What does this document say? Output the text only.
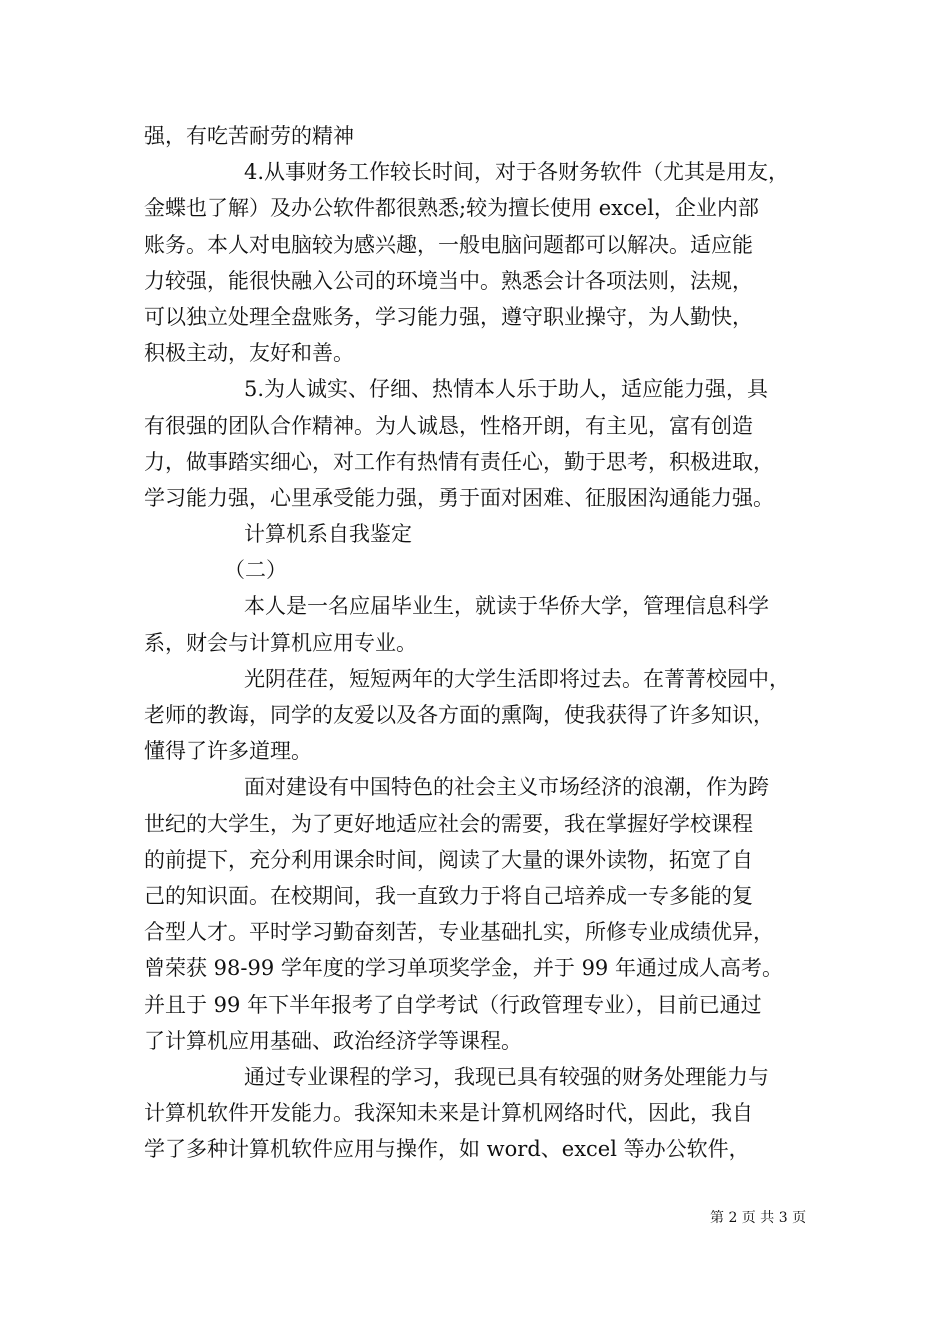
强，有吃苦耐劳的精神
4.从事财务工作较长时间，对于各财务软件（尤其是用友，
金蝶也了解）及办公软件都很熟悉;较为擅长使用 excel，企业内部
账务。本人对电脑较为感兴趣，一般电脑问题都可以解决。适应能
力较强，能很快融入公司的环境当中。熟悉会计各项法则，法规，
可以独立处理全盘账务，学习能力强，遵守职业操守，为人勤快，
积极主动，友好和善。
5.为人诚实、仔细、热情本人乐于助人，适应能力强，具
有很强的团队合作精神。为人诚恳，性格开朗，有主见，富有创造
力，做事踏实细心，对工作有热情有责任心，勤于思考，积极进取，
学习能力强，心里承受能力强，勇于面对困难、征服困沟通能力强。
计算机系自我鉴定
（二）
本人是一名应届毕业生，就读于华侨大学，管理信息科学
系，财会与计算机应用专业。
光阴荏荏，短短两年的大学生活即将过去。在菁菁校园中，
老师的教诲，同学的友爱以及各方面的熏陶，使我获得了许多知识，
懂得了许多道理。
面对建设有中国特色的社会主义市场经济的浪潮，作为跨
世纪的大学生，为了更好地适应社会的需要，我在掌握好学校课程
的前提下，充分利用课余时间，阅读了大量的课外读物，拓宽了自
己的知识面。在校期间，我一直致力于将自己培养成一专多能的复
合型人才。平时学习勤奋刻苦，专业基础扎实，所修专业成绩优异，
曾荣获 98-99 学年度的学习单项奖学金，并于 99 年通过成人高考。
并且于 99 年下半年报考了自学考试（行政管理专业），目前已通过
了计算机应用基础、政治经济学等课程。
通过专业课程的学习，我现已具有较强的财务处理能力与
计算机软件开发能力。我深知未来是计算机网络时代，因此，我自
学了多种计算机软件应用与操作，如 word、excel 等办公软件，
第 2 页 共 3 页
